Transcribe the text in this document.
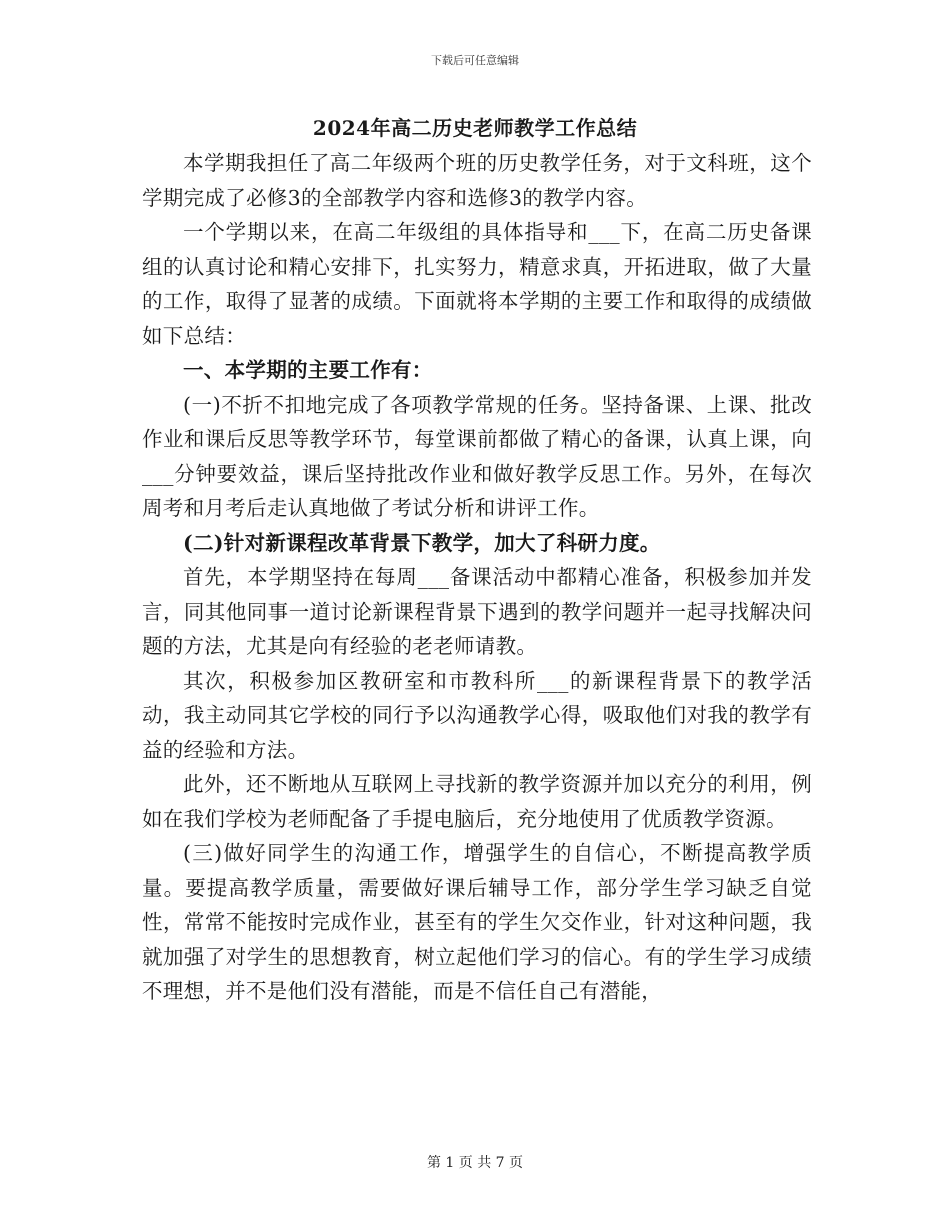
下载后可任意编辑
2024年高二历史老师教学工作总结

本学期我担任了高二年级两个班的历史教学任务，对于文科班，这个学期完成了必修3的全部教学内容和选修3的教学内容。

一个学期以来，在高二年级组的具体指导和___下，在高二历史备课组的认真讨论和精心安排下，扎实努力，精意求真，开拓进取，做了大量的工作，取得了显著的成绩。下面就将本学期的主要工作和取得的成绩做如下总结：

一、本学期的主要工作有：

(一)不折不扣地完成了各项教学常规的任务。坚持备课、上课、批改作业和课后反思等教学环节，每堂课前都做了精心的备课，认真上课，向___分钟要效益，课后坚持批改作业和做好教学反思工作。另外，在每次周考和月考后走认真地做了考试分析和讲评工作。

(二)针对新课程改革背景下教学，加大了科研力度。

首先，本学期坚持在每周___备课活动中都精心准备，积极参加并发言，同其他同事一道讨论新课程背景下遇到的教学问题并一起寻找解决问题的方法，尤其是向有经验的老老师请教。

其次，积极参加区教研室和市教科所___的新课程背景下的教学活动，我主动同其它学校的同行予以沟通教学心得，吸取他们对我的教学有益的经验和方法。

此外，还不断地从互联网上寻找新的教学资源并加以充分的利用，例如在我们学校为老师配备了手提电脑后，充分地使用了优质教学资源。

(三)做好同学生的沟通工作，增强学生的自信心，不断提高教学质量。要提高教学质量，需要做好课后辅导工作，部分学生学习缺乏自觉性，常常不能按时完成作业，甚至有的学生欠交作业，针对这种问题，我就加强了对学生的思想教育，树立起他们学习的信心。有的学生学习成绩不理想，并不是他们没有潜能，而是不信任自己有潜能，

第 1 页 共 7 页
